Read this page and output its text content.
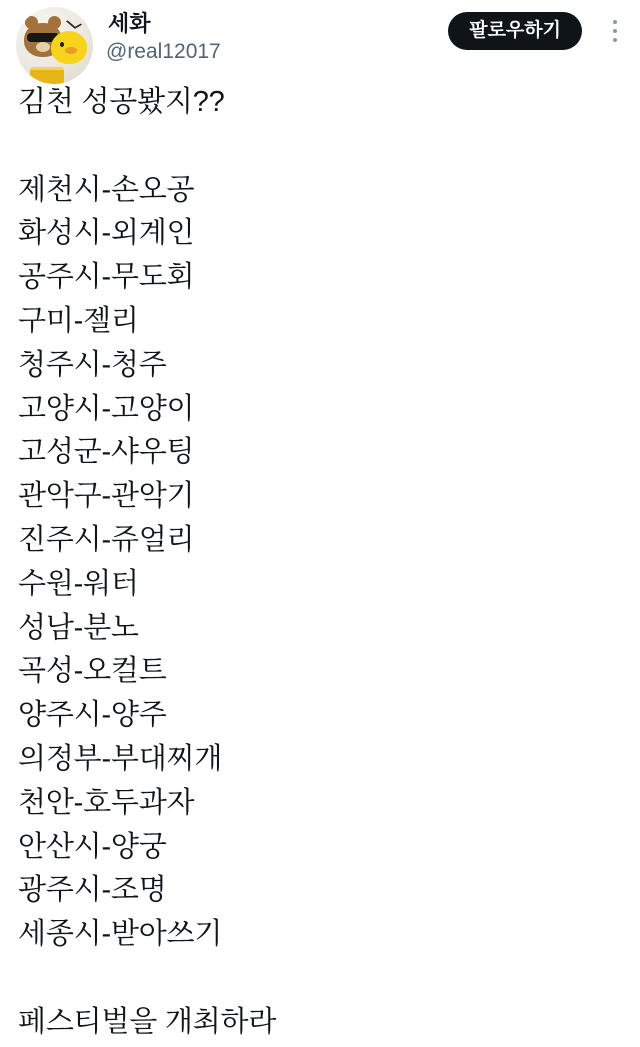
세화
@real12017
팔로우하기
김천 성공봤지??

제천시-손오공
화성시-외계인
공주시-무도회
구미-젤리
청주시-청주
고양시-고양이
고성군-샤우팅
관악구-관악기
진주시-쥬얼리
수원-워터
성남-분노
곡성-오컬트
양주시-양주
의정부-부대찌개
천안-호두과자
안산시-양궁
광주시-조명
세종시-받아쓰기

페스티벌을 개최하라
